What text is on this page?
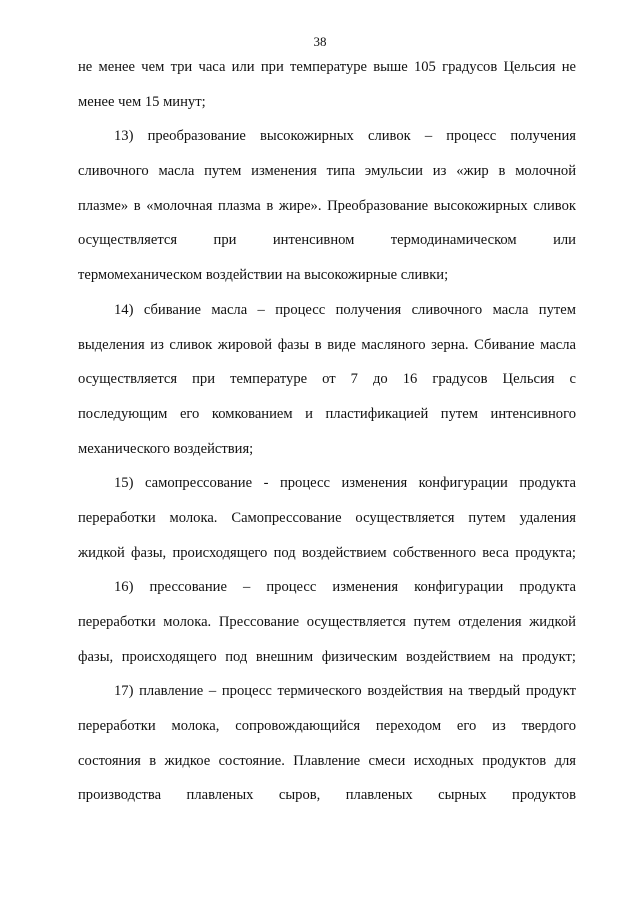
38
не менее чем три часа или при температуре выше 105 градусов Цельсия не
менее чем 15 минут;
13) преобразование высокожирных сливок – процесс получения
сливочного масла путем изменения типа эмульсии из «жир в молочной
плазме» в «молочная плазма в жире». Преобразование высокожирных сливок
осуществляется при интенсивном термодинамическом или
термомеханическом воздействии на высокожирные сливки;
14) сбивание масла – процесс получения сливочного масла путем
выделения из сливок жировой фазы в виде масляного зерна. Сбивание масла
осуществляется при температуре от 7 до 16 градусов Цельсия с
последующим его комкованием и пластификацией путем интенсивного
механического воздействия;
15) самопрессование - процесс изменения конфигурации продукта
переработки молока. Самопрессование осуществляется путем удаления
жидкой фазы, происходящего под воздействием собственного веса продукта;
16) прессование – процесс изменения конфигурации продукта
переработки молока. Прессование осуществляется путем отделения жидкой
фазы, происходящего под внешним физическим воздействием на продукт;
17) плавление – процесс термического воздействия на твердый продукт
переработки молока, сопровождающийся переходом его из твердого
состояния в жидкое состояние. Плавление смеси исходных продуктов для
производства плавленых сыров, плавленых сырных продуктов
